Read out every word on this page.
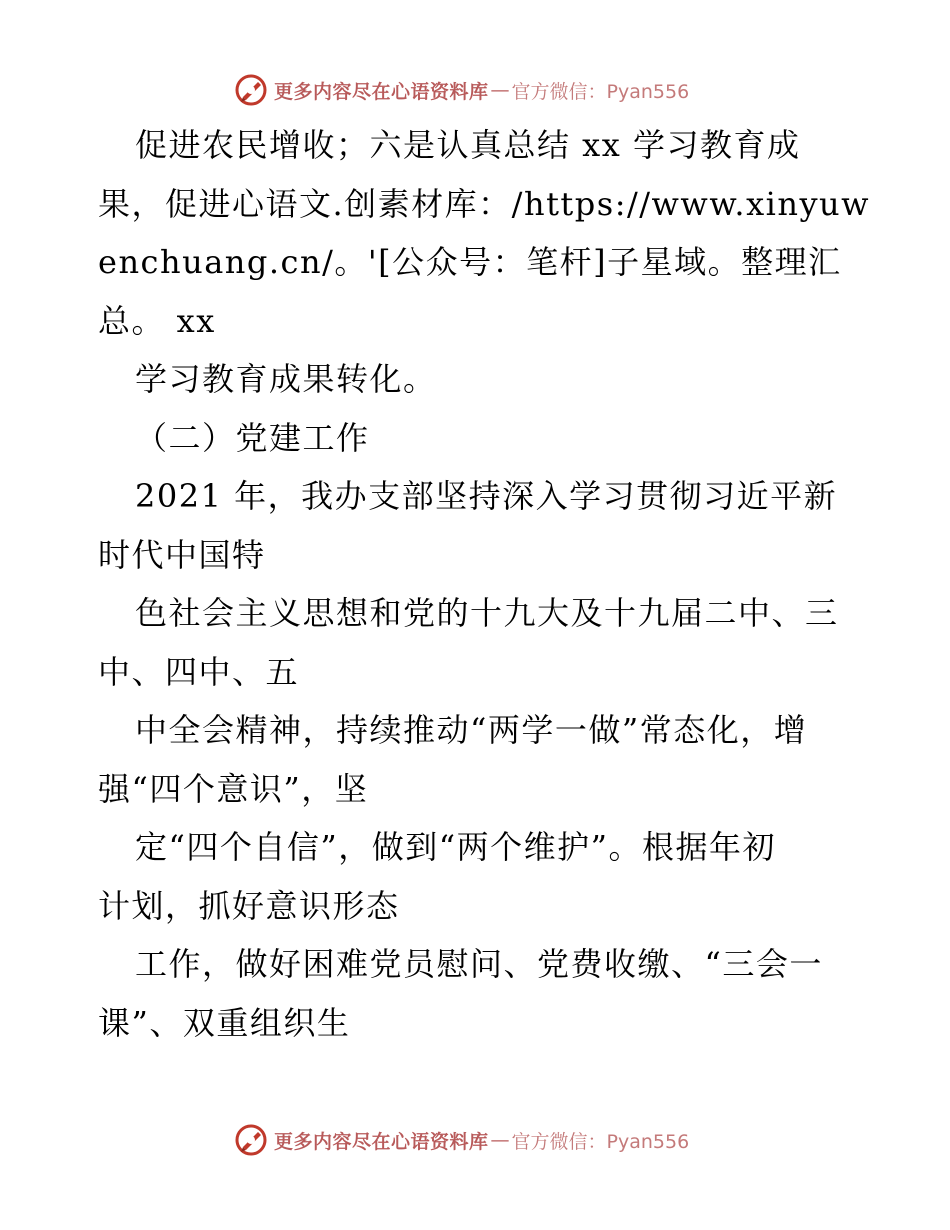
更多内容尽在心语资料库 — 官方微信：Pyan556
促进农民增收；六是认真总结 xx 学习教育成
果，促进心语文.创素材库：/https://www.xinyuw
enchuang.cn/。'[公众号：笔杆]子星域。整理汇
总。 xx
学习教育成果转化。
（二）党建工作
2021 年，我办支部坚持深入学习贯彻习近平新
时代中国特
色社会主义思想和党的十九大及十九届二中、三
中、四中、五
中全会精神，持续推动“两学一做”常态化，增
强“四个意识”，坚
定“四个自信”，做到“两个维护”。根据年初
计划，抓好意识形态
工作，做好困难党员慰问、党费收缴、“三会一
课”、双重组织生
更多内容尽在心语资料库 — 官方微信：Pyan556
